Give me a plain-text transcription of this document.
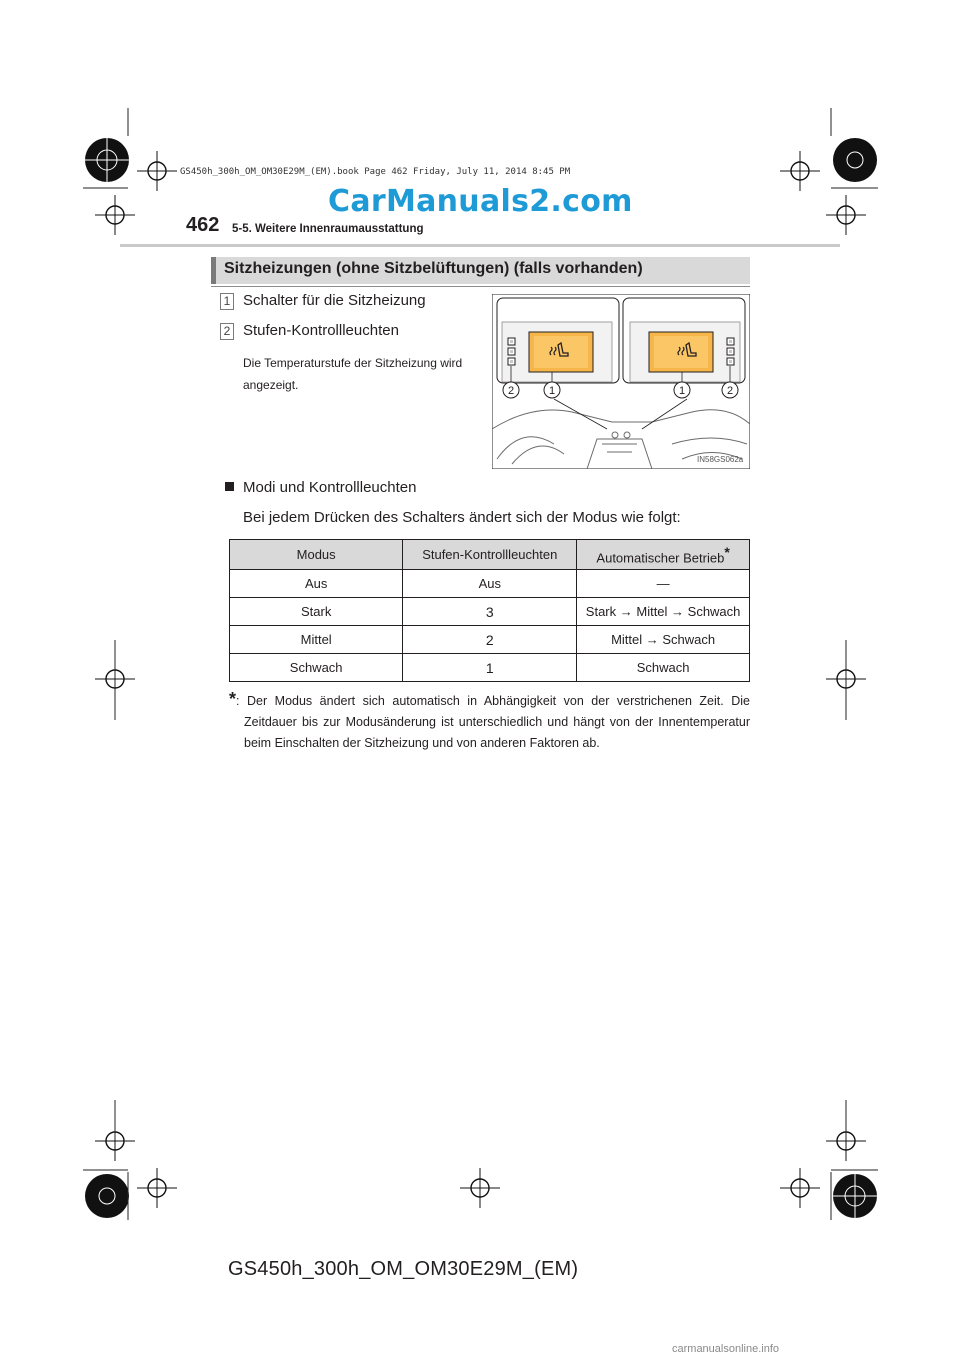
GS450h_300h_OM_OM30E29M_(EM).book Page 462 Friday, July 11, 2014 8:45 PM
CarManuals2.com
462 5-5. Weitere Innenraumausstattung
Sitzheizungen (ohne Sitzbelüftungen) (falls vorhanden)
1 Schalter für die Sitzheizung
2 Stufen-Kontrollleuchten
Die Temperaturstufe der Sitzheizung wird angezeigt.	2	1	1	2
IN58GS062a
Modi und Kontrollleuchten
Bei jedem Drücken des Schalters ändert sich der Modus wie folgt:
Modus	Stufen-Kontrollleuchten	Automatischer Betrieb*
Aus	Aus	—
Stark	3	Stark → Mittel → Schwach
Mittel	2	Mittel → Schwach
Schwach	1	Schwach
*: Der Modus ändert sich automatisch in Abhängigkeit von der verstrichenen Zeit. Die Zeitdauer bis zur Modusänderung ist unterschiedlich und hängt von der Innentemperatur beim Einschalten der Sitzheizung und von anderen Faktoren ab.
GS450h_300h_OM_OM30E29M_(EM)
carmanualsonline.info
